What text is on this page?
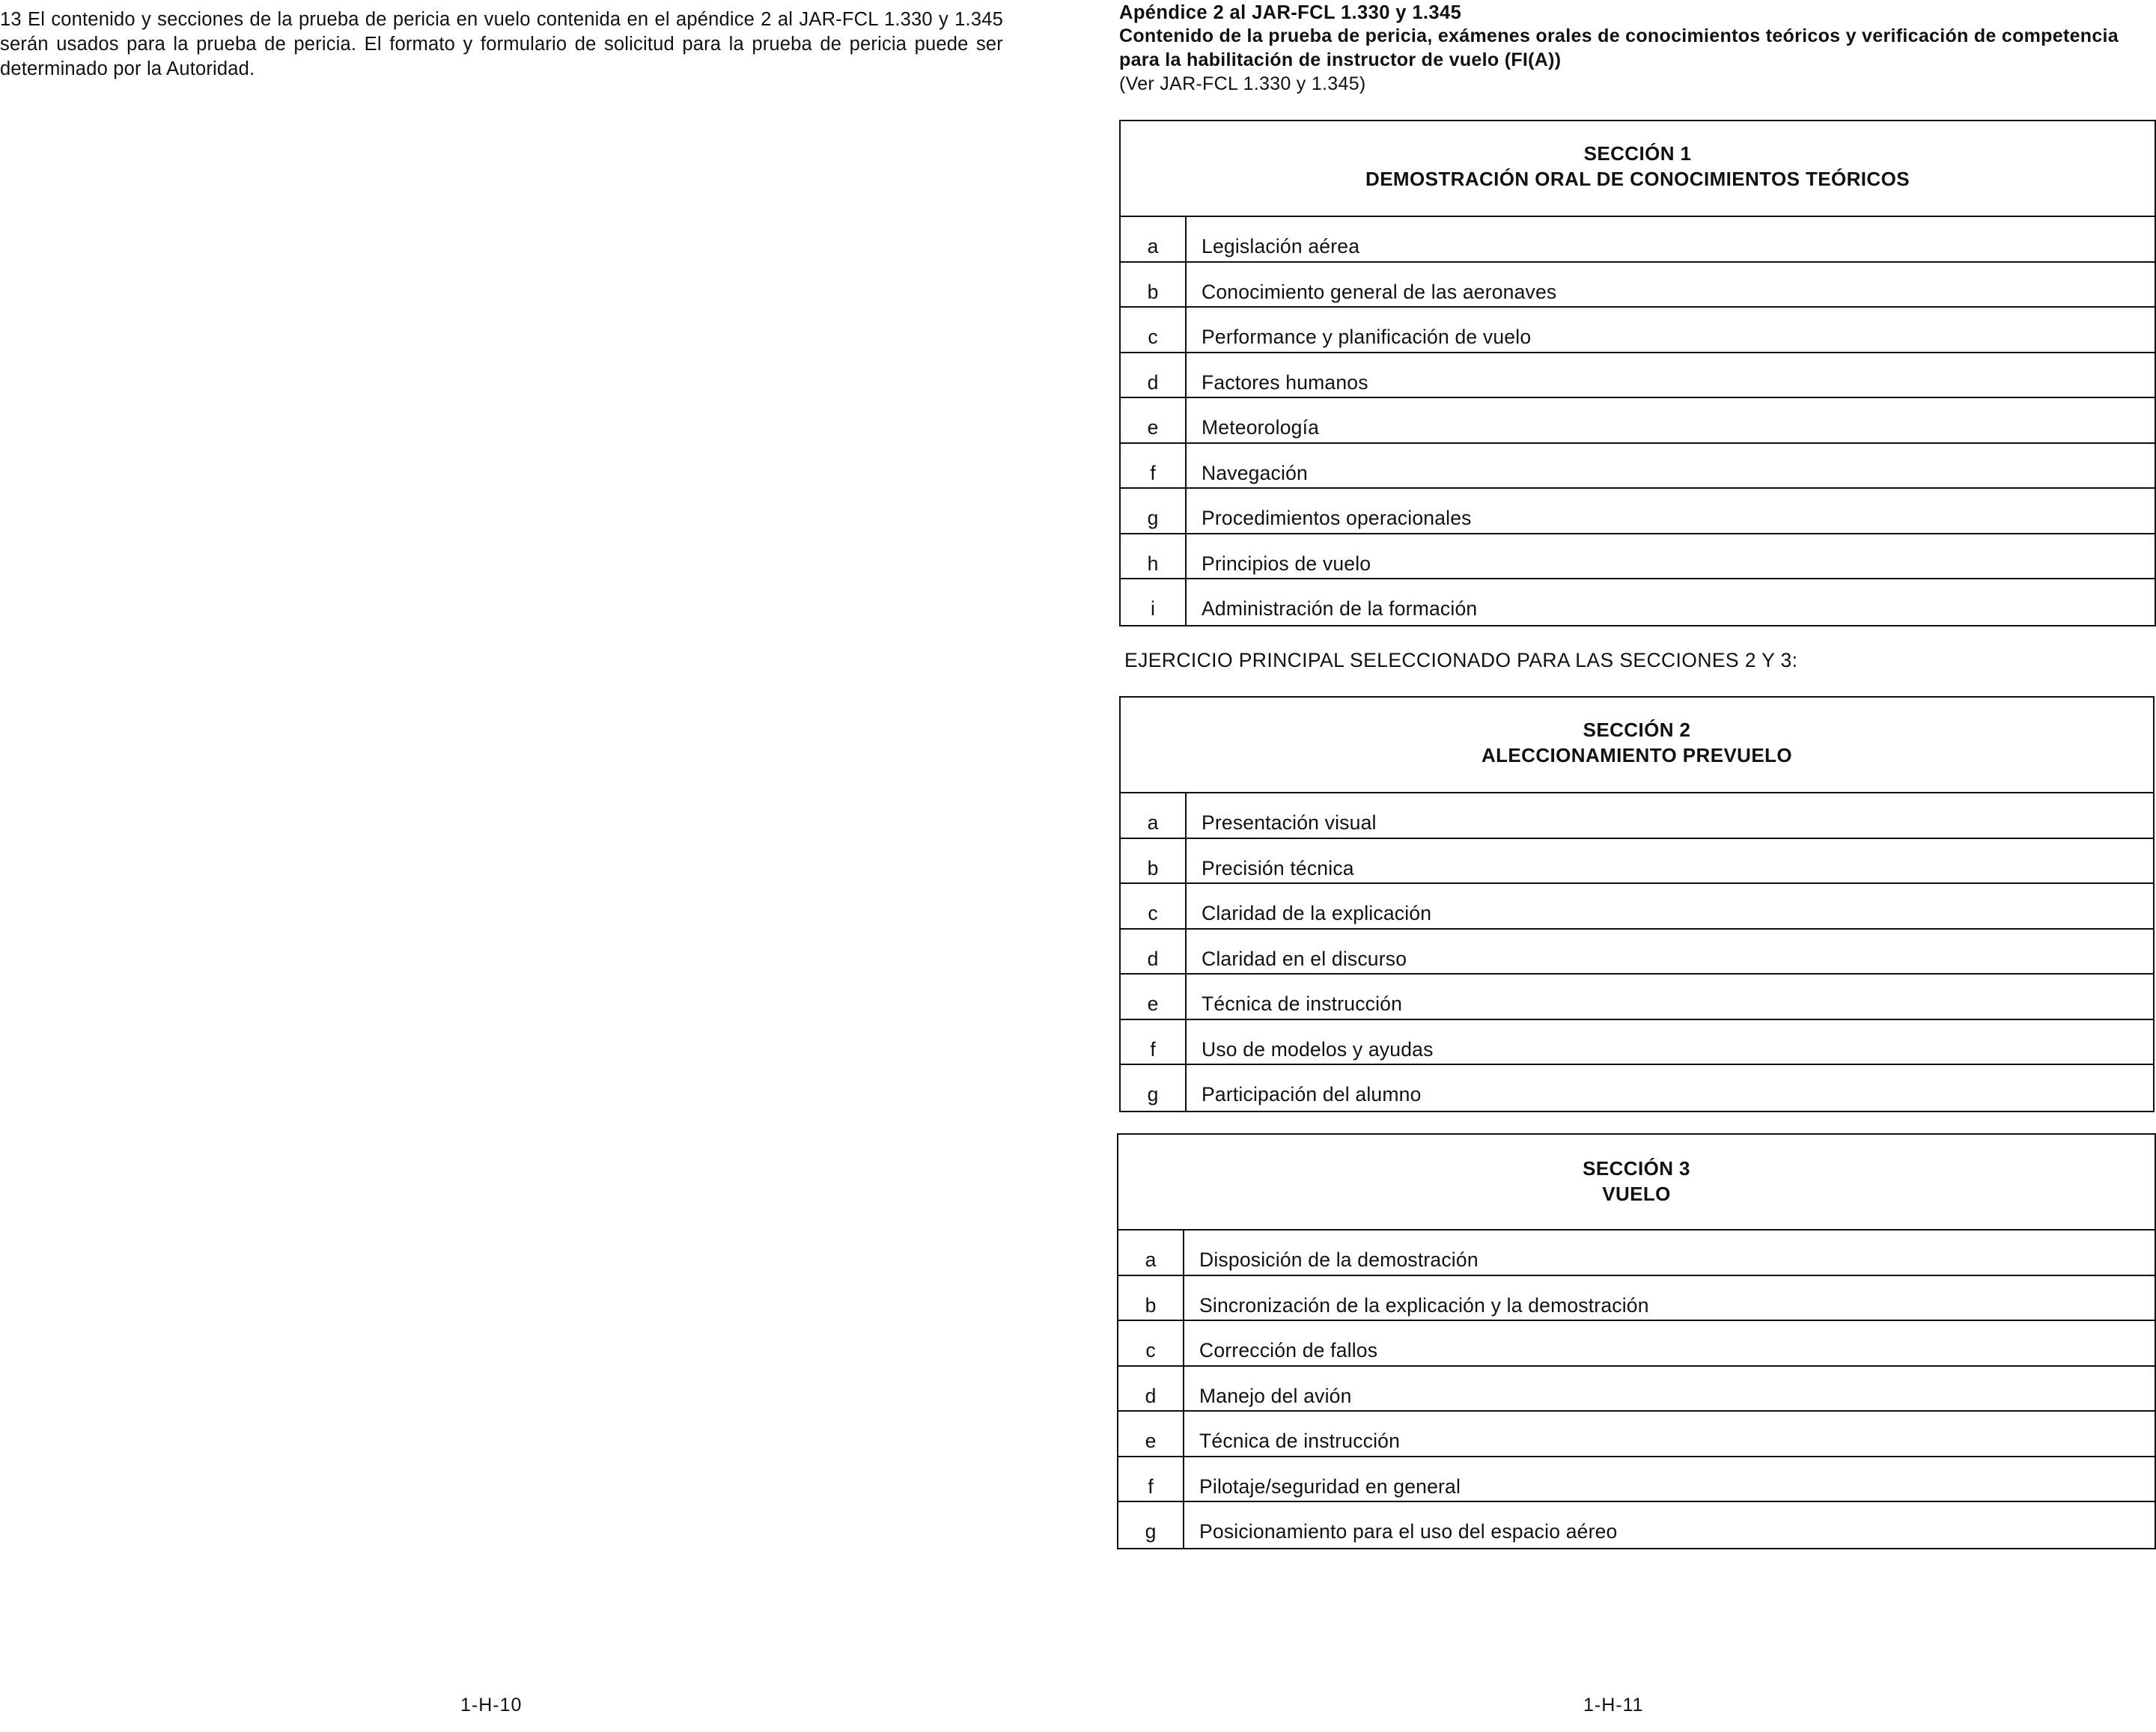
13 El contenido y secciones de la prueba de pericia en vuelo contenida en el apéndice 2 al JAR-FCL 1.330 y 1.345 serán usados para la prueba de pericia. El formato y formulario de solicitud para la prueba de pericia puede ser determinado por la Autoridad.
1-H-10
Apéndice 2 al JAR-FCL 1.330 y 1.345
Contenido de la prueba de pericia, exámenes orales de conocimientos teóricos y verificación de competencia para la habilitación de instructor de vuelo (FI(A))
(Ver JAR-FCL 1.330 y 1.345)
SECCIÓN 1
DEMOSTRACIÓN ORAL DE CONOCIMIENTOS TEÓRICOS
a	Legislación aérea
b	Conocimiento general de las aeronaves
c	Performance y planificación de vuelo
d	Factores humanos
e	Meteorología
f	Navegación
g	Procedimientos operacionales
h	Principios de vuelo
i	Administración de la formación
EJERCICIO PRINCIPAL SELECCIONADO PARA LAS SECCIONES 2 Y 3:
SECCIÓN 2
ALECCIONAMIENTO PREVUELO
a	Presentación visual
b	Precisión técnica
c	Claridad de la explicación
d	Claridad en el discurso
e	Técnica de instrucción
f	Uso de modelos y ayudas
g	Participación del alumno
SECCIÓN 3
VUELO
a	Disposición de la demostración
b	Sincronización de la explicación y la demostración
c	Corrección de fallos
d	Manejo del avión
e	Técnica de instrucción
f	Pilotaje/seguridad en general
g	Posicionamiento para el uso del espacio aéreo
1-H-11
